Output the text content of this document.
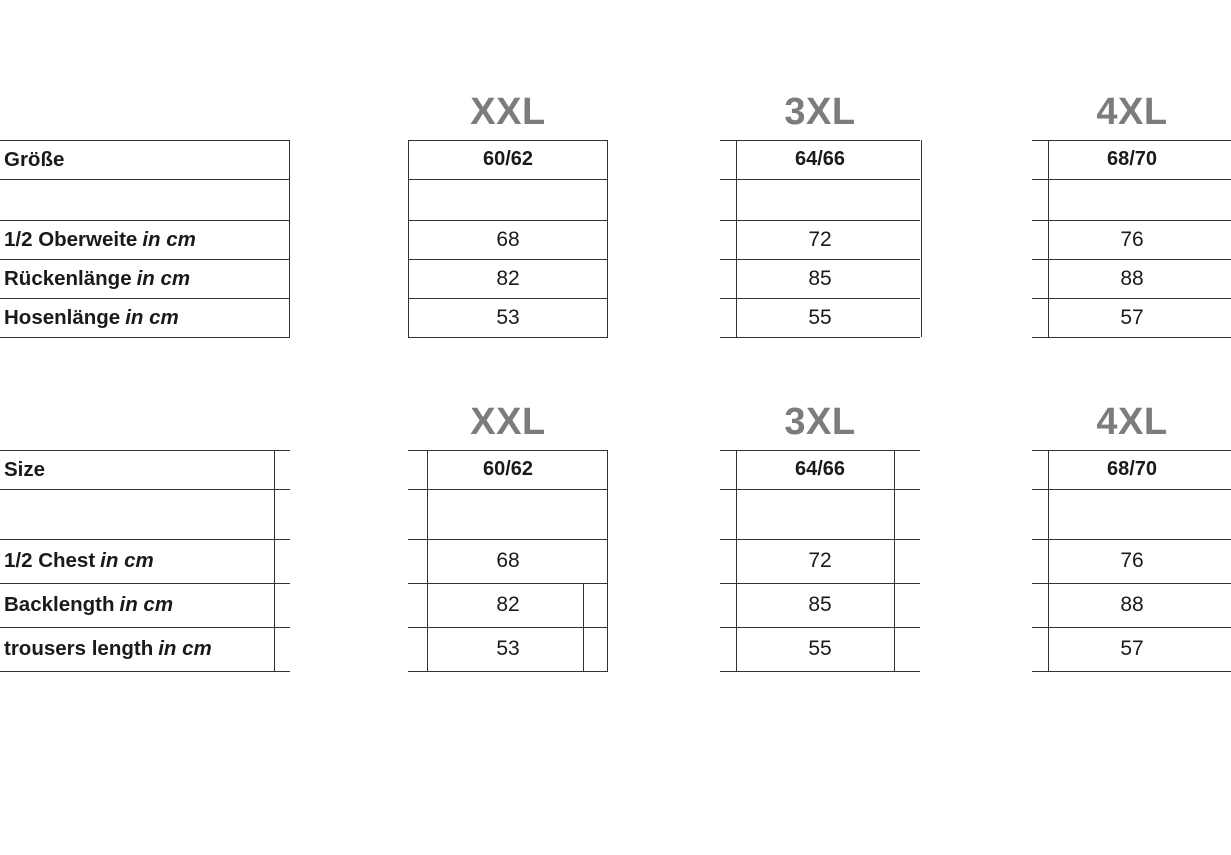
XXL	3XL	4XL
Größe	60/62	64/66	68/70
1/2 Oberweite in cm	68	72	76
Rückenlänge in cm	82	85	88
Hosenlänge in cm	53	55	57
XXL	3XL	4XL
Size	60/62	64/66	68/70
1/2 Chest in cm	68	72	76
Backlength in cm	82	85	88
trousers length in cm	53	55	57
